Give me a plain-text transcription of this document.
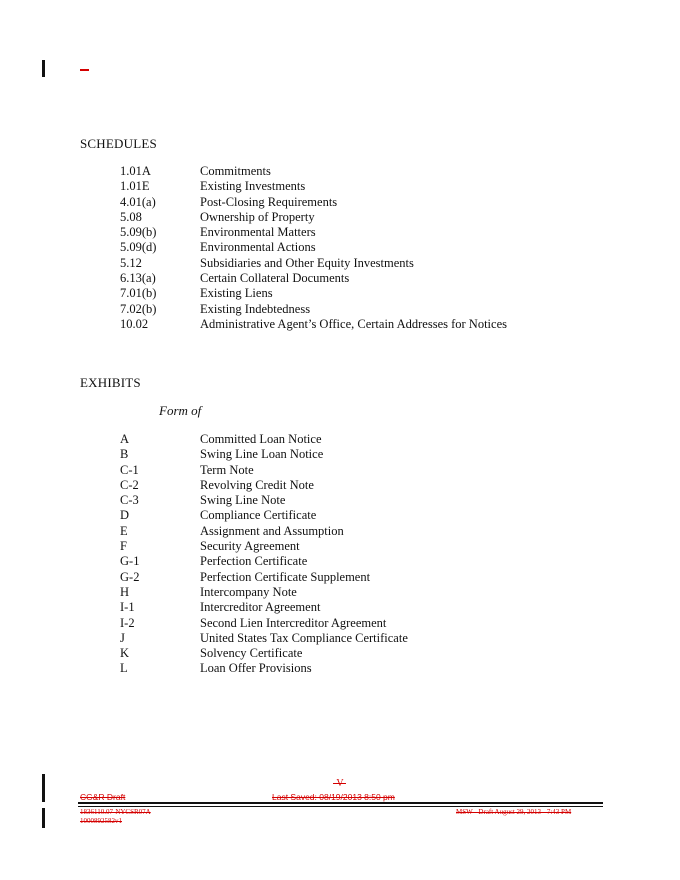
SCHEDULES
1.01A	Commitments
1.01E	Existing Investments
4.01(a)	Post-Closing Requirements
5.08	Ownership of Property
5.09(b)	Environmental Matters
5.09(d)	Environmental Actions
5.12	Subsidiaries and Other Equity Investments
6.13(a)	Certain Collateral Documents
7.01(b)	Existing Liens
7.02(b)	Existing Indebtedness
10.02	Administrative Agent’s Office, Certain Addresses for Notices
EXHIBITS
Form of
A	Committed Loan Notice
B	Swing Line Loan Notice
C-1	Term Note
C-2	Revolving Credit Note
C-3	Swing Line Note
D	Compliance Certificate
E	Assignment and Assumption
F	Security Agreement
G-1	Perfection Certificate
G-2	Perfection Certificate Supplement
H	Intercompany Note
I-1	Intercreditor Agreement
I-2	Second Lien Intercreditor Agreement
J	United States Tax Compliance Certificate
K	Solvency Certificate
L	Loan Offer Provisions
-V-
CG&R Draft	Last Saved: 08/19/2013 8:50 pm
1836110.07-NYCSR07A
1000892582v1
MSW - Draft August 29, 2013 - 7:43 PM
